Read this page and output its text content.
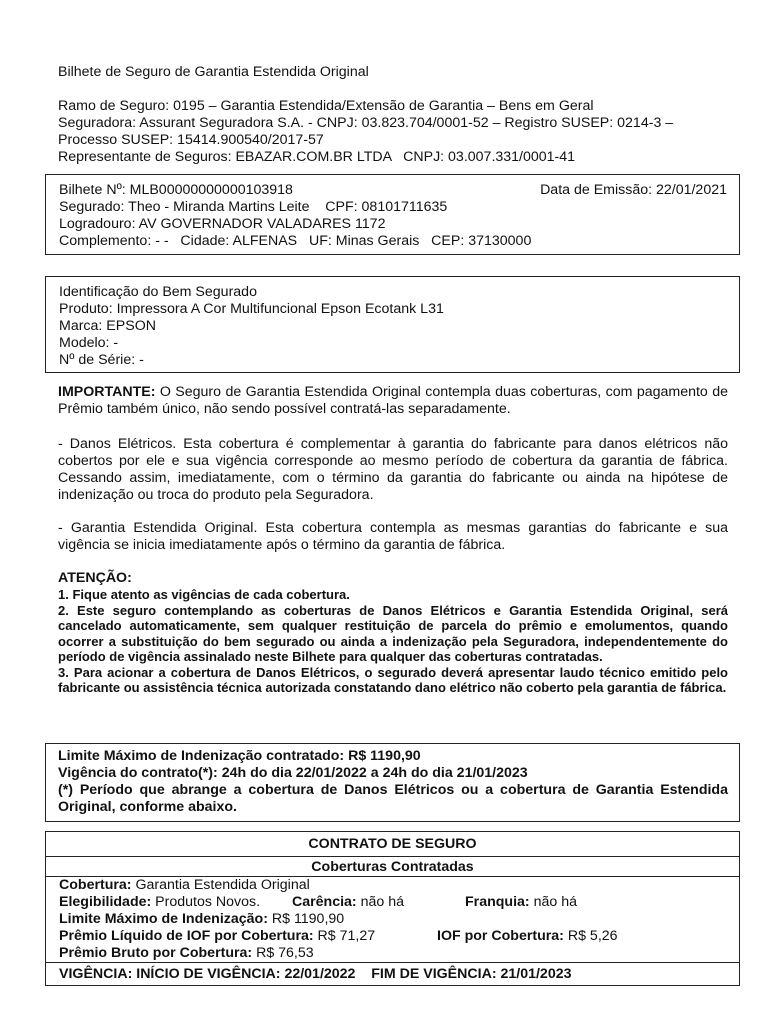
Bilhete de Seguro de Garantia Estendida Original

Ramo de Seguro: 0195 – Garantia Estendida/Extensão de Garantia – Bens em Geral

Seguradora: Assurant Seguradora S.A. - CNPJ: 03.823.704/0001-52 – Registro SUSEP: 0214-3 –

Processo SUSEP: 15414.900540/2017-57

Representante de Seguros: EBAZAR.COM.BR LTDA   CNPJ: 03.007.331/0001-41

Bilhete Nº: MLB00000000000103918	Data de Emissão: 22/01/2021
Segurado: Theo - Miranda Martins Leite    CPF: 08101711635
Logradouro: AV GOVERNADOR VALADARES 1172
Complemento: - -   Cidade: ALFENAS   UF: Minas Gerais   CEP: 37130000
Identificação do Bem Segurado
Produto: Impressora A Cor Multifuncional Epson Ecotank L31
Marca: EPSON
Modelo: -
Nº de Série: -

IMPORTANTE: O Seguro de Garantia Estendida Original contempla duas coberturas, com pagamento de Prêmio também único, não sendo possível contratá-las separadamente.

- Danos Elétricos. Esta cobertura é complementar à garantia do fabricante para danos elétricos não cobertos por ele e sua vigência corresponde ao mesmo período de cobertura da garantia de fábrica. Cessando assim, imediatamente, com o término da garantia do fabricante ou ainda na hipótese de indenização ou troca do produto pela Seguradora.

- Garantia Estendida Original. Esta cobertura contempla as mesmas garantias do fabricante e sua vigência se inicia imediatamente após o término da garantia de fábrica.

ATENÇÃO:

1. Fique atento as vigências de cada cobertura.

2. Este seguro contemplando as coberturas de Danos Elétricos e Garantia Estendida Original, será cancelado automaticamente, sem qualquer restituição de parcela do prêmio e emolumentos, quando ocorrer a substituição do bem segurado ou ainda a indenização pela Seguradora, independentemente do período de vigência assinalado neste Bilhete para qualquer das coberturas contratadas.

3. Para acionar a cobertura de Danos Elétricos, o segurado deverá apresentar laudo técnico emitido pelo fabricante ou assistência técnica autorizada constatando dano elétrico não coberto pela garantia de fábrica.

Limite Máximo de Indenização contratado: R$ 1190,90

Vigência do contrato(*): 24h do dia 22/01/2022 a 24h do dia 21/01/2023

(*) Período que abrange a cobertura de Danos Elétricos ou a cobertura de Garantia Estendida Original, conforme abaixo.

CONTRATO DE SEGURO
Coberturas Contratadas
Cobertura: Garantia Estendida Original
Elegibilidade: Produtos Novos. Carência: não há	Franquia: não há
Limite Máximo de Indenização: R$ 1190,90
Prêmio Líquido de IOF por Cobertura: R$ 71,27	IOF por Cobertura: R$ 5,26
Prêmio Bruto por Cobertura: R$ 76,53
VIGÊNCIA: INÍCIO DE VIGÊNCIA: 22/01/2022    FIM DE VIGÊNCIA: 21/01/2023
